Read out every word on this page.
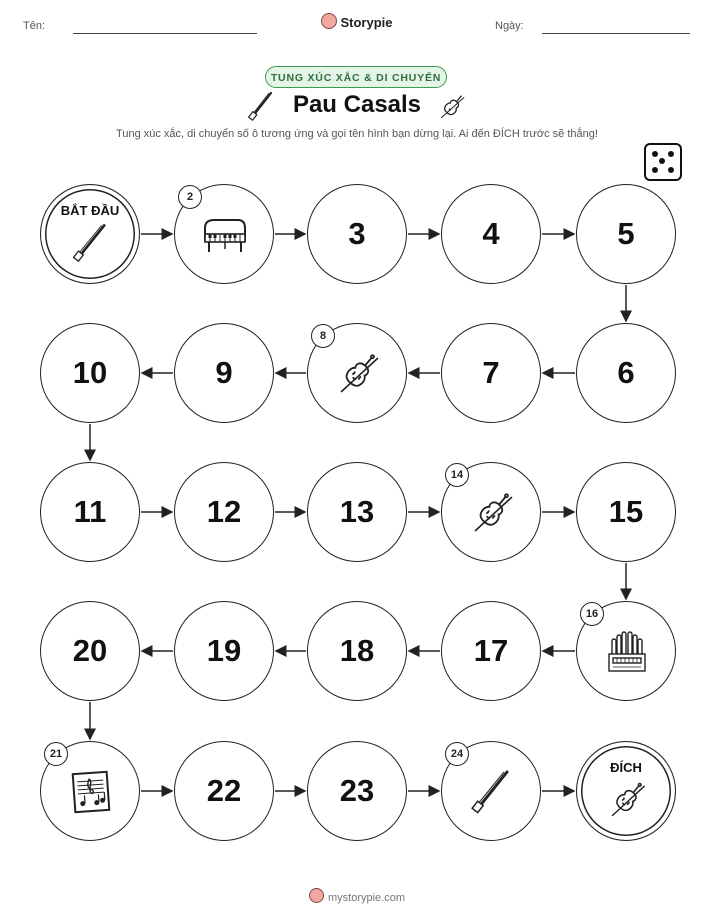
Tên:	Storypie	Ngày:
TUNG XÚC XẮC & DI CHUYỂN
Pau Casals
Tung xúc xắc, di chuyển số ô tương ứng và gọi tên hình bạn dừng lại. Ai đến ĐÍCH trước sẽ thắng!
BẮT ĐẦU
2
3	4	5
6
7
8
9
10
11	12	13
14
15
16
17
18
19
20
21
22	23
24
ĐÍCH
mystorypie.com
